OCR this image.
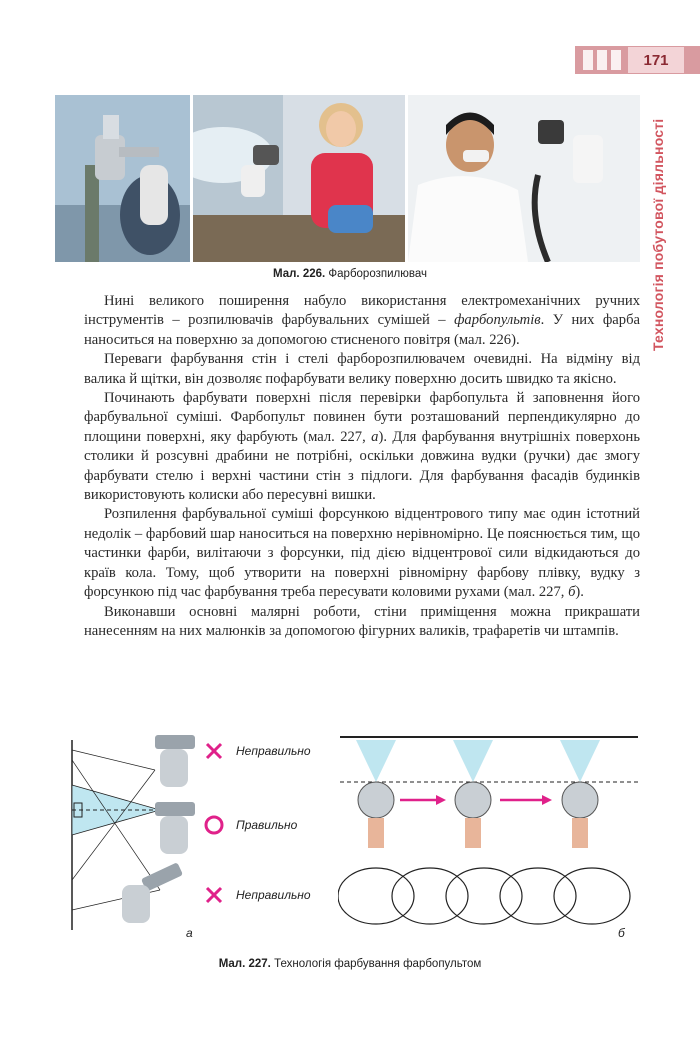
171
Технологія побутової діяльності
Мал. 226. Фарборозпилювач

Нині великого поширення набуло використання електромеханічних ручних інструментів – розпилювачів фарбувальних сумішей – фарбопультів. У них фарба наноситься на поверхню за допомогою стисненого повітря (мал. 226).

Переваги фарбування стін і стелі фарборозпилювачем очевидні. На відміну від валика й щітки, він дозволяє пофарбувати велику поверхню досить швидко та якісно.

Починають фарбувати поверхні після перевірки фарбопульта й заповнення його фарбувальної суміші. Фарбопульт повинен бути розташований перпендикулярно до площини поверхні, яку фарбують (мал. 227, а). Для фарбування внутрішніх поверхонь столики й розсувні драбини не потрібні, оскільки довжина вудки (ручки) дає змогу фарбувати стелю і верхні частини стін з підлоги. Для фарбування фасадів будинків використовують колиски або пересувні вишки.

Розпилення фарбувальної суміші форсункою відцентрового типу має один істотний недолік – фарбовий шар наноситься на поверхню нерівномірно. Це пояснюється тим, що частинки фарби, вилітаючи з форсунки, під дією відцентрової сили відкидаються до країв кола. Тому, щоб утворити на поверхні рівномірну фарбову плівку, вудку з форсункою під час фарбування треба пересувати коловими рухами (мал. 227, б).

Виконавши основні малярні роботи, стіни приміщення можна прикрашати нанесенням на них малюнків за допомогою фігурних валиків, трафаретів чи штампів.

Неправильно
Правильно
Неправильно
а	б
Мал. 227. Технологія фарбування фарбопультом
